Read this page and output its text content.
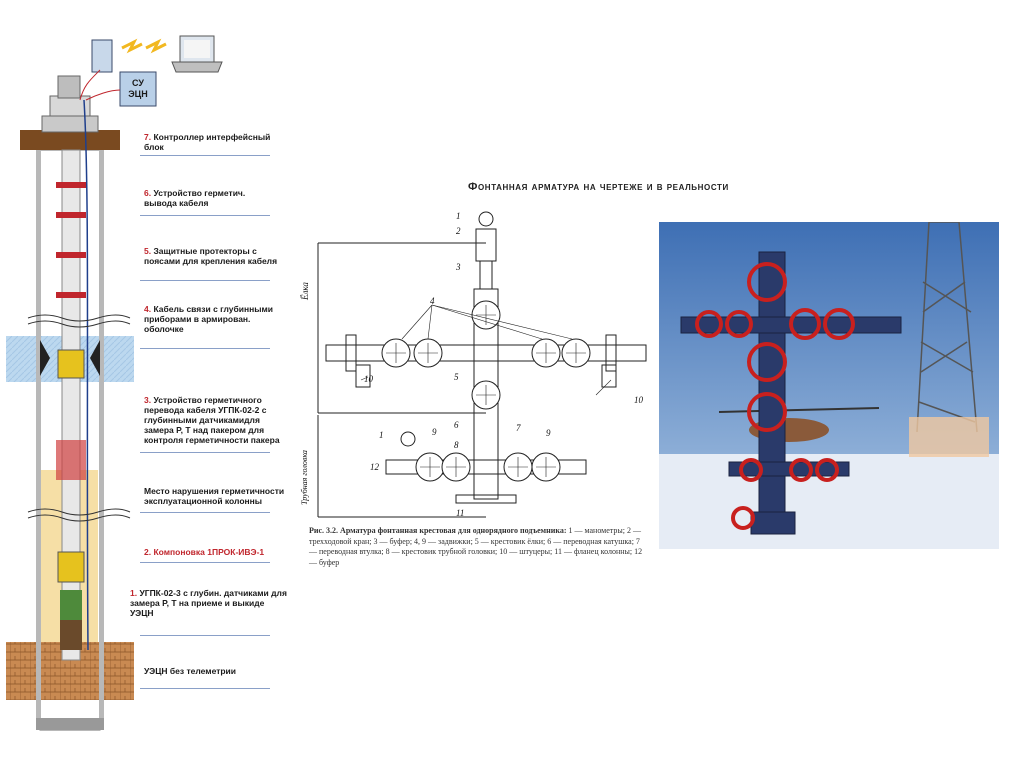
СУ
ЭЦН
7. Контроллер интерфейсный блок
6. Устройство герметич. вывода кабеля
5. Защитные протекторы с поясами для крепления кабеля
4. Кабель связи с глубинными приборами в армирован. оболочке
3. Устройство герметичного перевода кабеля УГПК-02-2 с глубинными датчикамидля замера Р, Т над пакером для контроля герметичности пакера
Место нарушения герметичности эксплуатационной колонны
2. Компоновка 1ПРОК-ИВЭ-1
1. УГПК-02-3 с глубин. датчиками для замера Р, Т на приеме и выкиде УЭЦН
УЭЦН без телеметрии
Фонтанная арматура на чертеже и в реальности
Ёлка
Трубная головка
1
2
3
4
5
10
10
6	7
8
9	9
1
12
11
Рис. 3.2. Арматура фонтанная крестовая для однорядного подъемника: 1 — манометры; 2 — трехходовой кран; 3 — буфер; 4, 9 — задвижки; 5 — крестовик ёлки; 6 — переводная катушка; 7 — переводная втулка; 8 — крестовик трубной головки; 10 — штуцеры; 11 — фланец колонны; 12 — буфер
